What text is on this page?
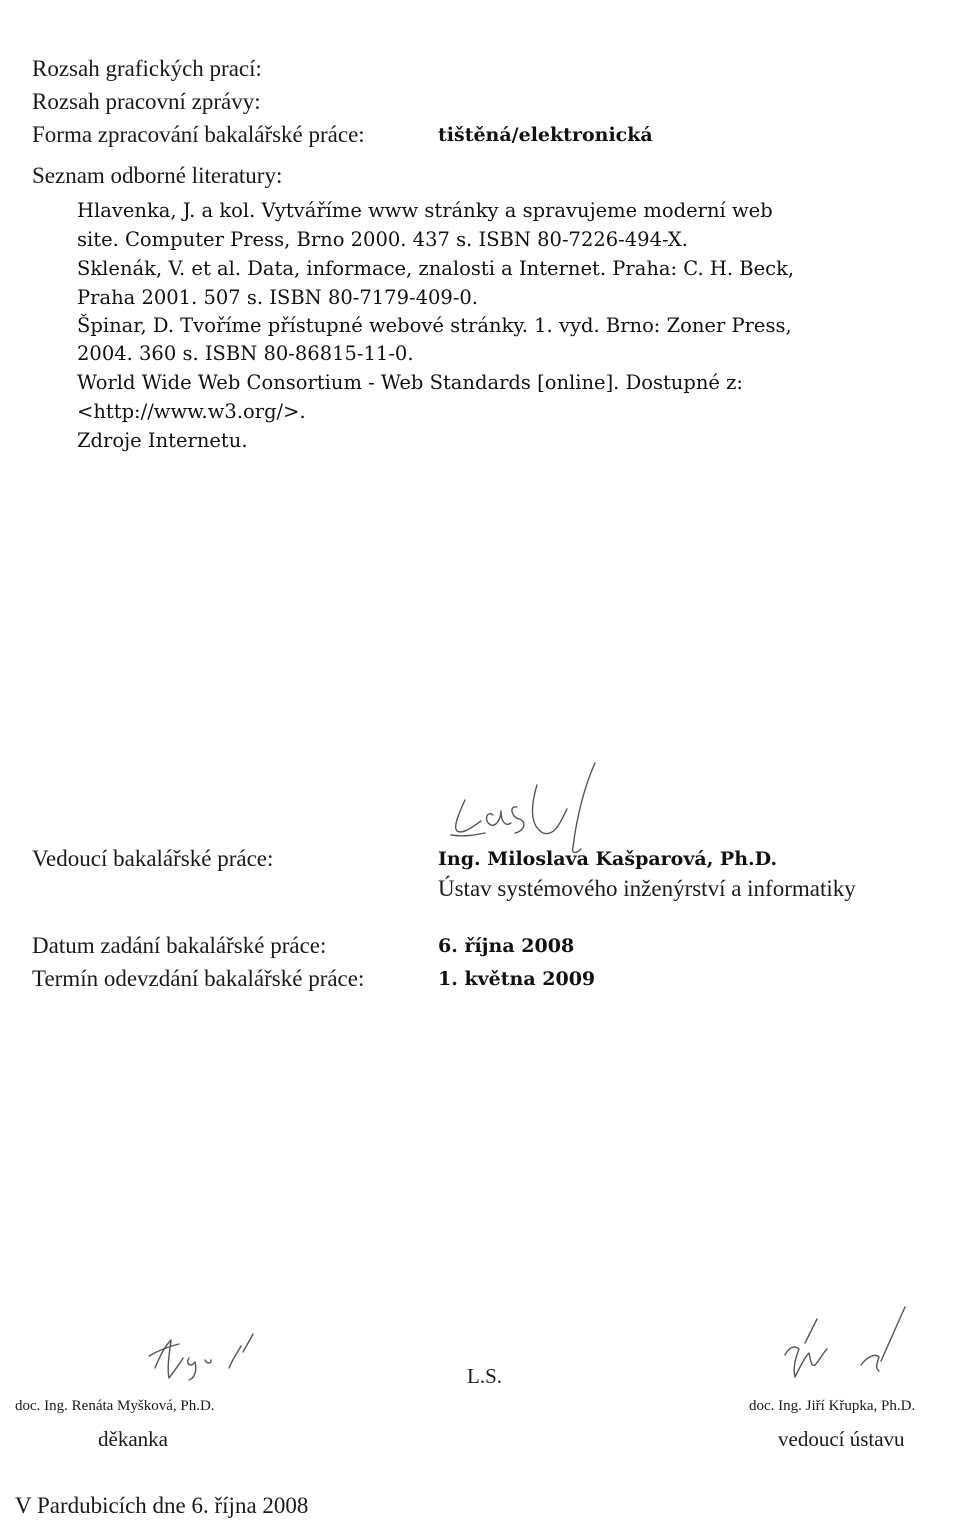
Rozsah grafických prací:
Rozsah pracovní zprávy:
Forma zpracování bakalářské práce:	tištěná/elektronická
Seznam odborné literatury:
Hlavenka, J. a kol. Vytváříme www stránky a spravujeme moderní web
site. Computer Press, Brno 2000. 437 s. ISBN 80-7226-494-X.
Sklenák, V. et al. Data, informace, znalosti a Internet. Praha: C. H. Beck,
Praha 2001. 507 s. ISBN 80-7179-409-0.
Špinar, D. Tvoříme přístupné webové stránky. 1. vyd. Brno: Zoner Press,
2004. 360 s. ISBN 80-86815-11-0.
World Wide Web Consortium - Web Standards [online]. Dostupné z:
<http://www.w3.org/>.
Zdroje Internetu.
Vedoucí bakalářské práce:	Ing. Miloslava Kašparová, Ph.D.
Ústav systémového inženýrství a informatiky
Datum zadání bakalářské práce:	6. října 2008
Termín odevzdání bakalářské práce:	1. května 2009
doc. Ing. Renáta Myšková, Ph.D.
děkanka
L.S.
doc. Ing. Jiří Křupka, Ph.D.
vedoucí ústavu
V Pardubicích dne 6. října 2008
